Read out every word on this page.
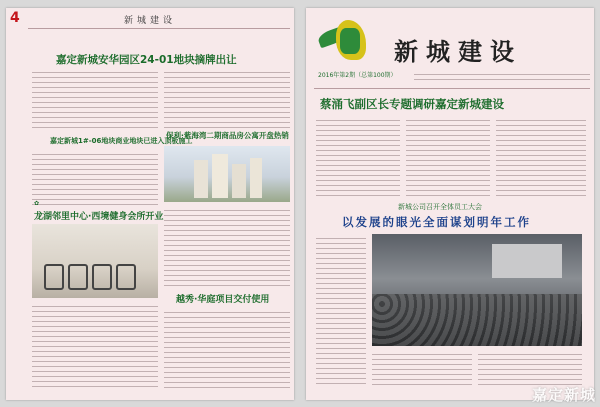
4	新城建设
嘉定新城安华园区24-01地块摘牌出让
嘉定新城1#-06地块商业地块已进入顶板施工
保利·紫海湾二期商品房公寓开盘热销
✿
龙湖邻里中心·西境健身会所开业
越秀·华庭项目交付使用
新城建设
2016年第2期（总第100期）
蔡涌飞副区长专题调研嘉定新城建设
新城公司召开全体员工大会
以发展的眼光全面谋划明年工作
嘉定新城
